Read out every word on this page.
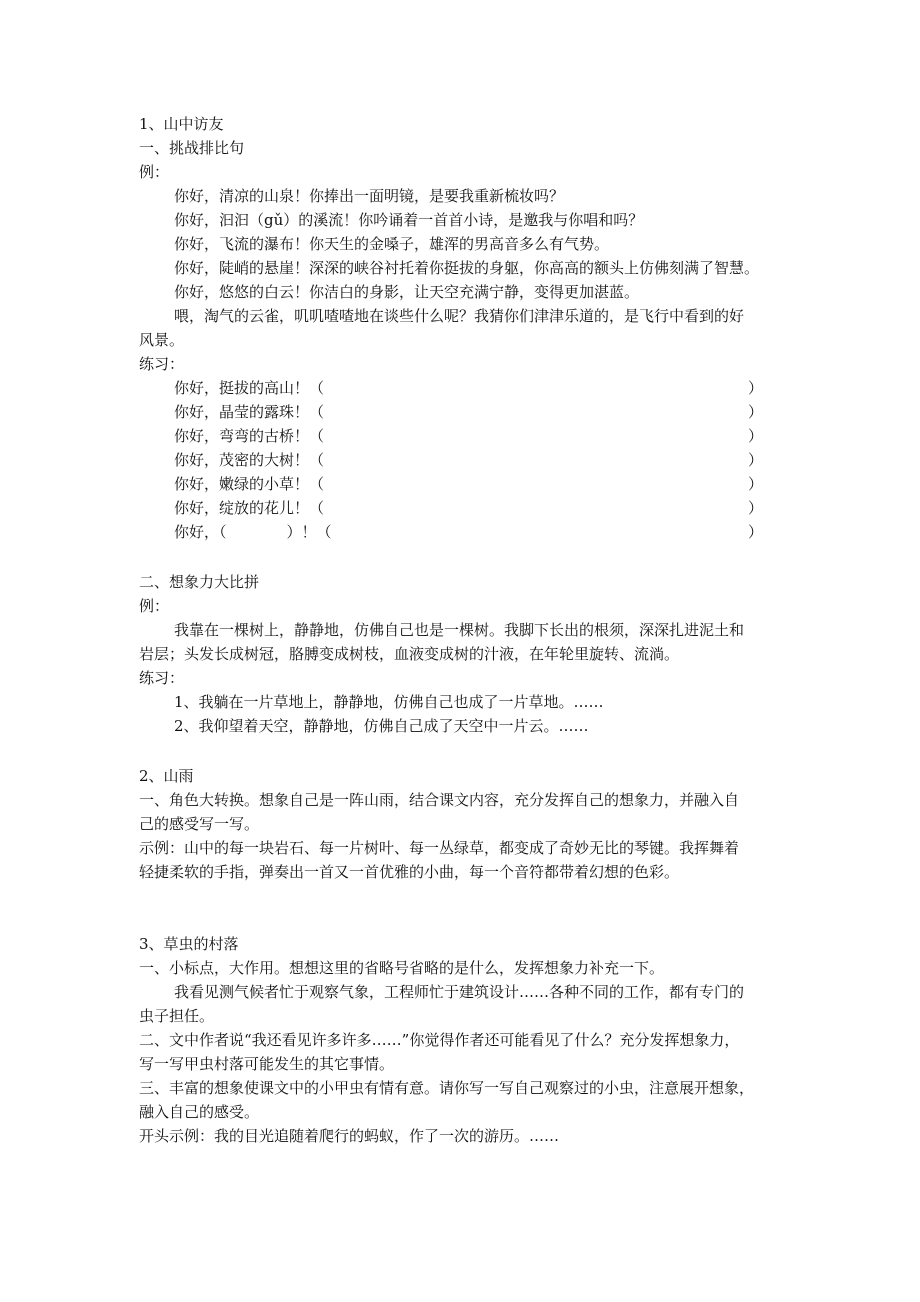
1、山中访友
一、挑战排比句
例：
你好，清凉的山泉！你捧出一面明镜，是要我重新梳妆吗？
你好，汩汩（gǔ）的溪流！你吟诵着一首首小诗，是邀我与你唱和吗？
你好，飞流的瀑布！你天生的金嗓子，雄浑的男高音多么有气势。
你好，陡峭的悬崖！深深的峡谷衬托着你挺拔的身躯，你高高的额头上仿佛刻满了智慧。
你好，悠悠的白云！你洁白的身影，让天空充满宁静，变得更加湛蓝。
喂，淘气的云雀，叽叽喳喳地在谈些什么呢？我猜你们津津乐道的，是飞行中看到的好
风景。
练习：
你好，挺拔的高山！（	）
你好，晶莹的露珠！（	）
你好，弯弯的古桥！（	）
你好，茂密的大树！（	）
你好，嫩绿的小草！（	）
你好，绽放的花儿！（	）
你好，（　　　　）！（	）
二、想象力大比拼
例：
我靠在一棵树上，静静地，仿佛自己也是一棵树。我脚下长出的根须，深深扎进泥土和
岩层；头发长成树冠，胳膊变成树枝，血液变成树的汁液，在年轮里旋转、流淌。
练习：
1、我躺在一片草地上，静静地，仿佛自己也成了一片草地。……
2、我仰望着天空，静静地，仿佛自己成了天空中一片云。……
2、山雨
一、角色大转换。想象自己是一阵山雨，结合课文内容，充分发挥自己的想象力，并融入自
己的感受写一写。
示例：山中的每一块岩石、每一片树叶、每一丛绿草，都变成了奇妙无比的琴键。我挥舞着
轻捷柔软的手指，弹奏出一首又一首优雅的小曲，每一个音符都带着幻想的色彩。
3、草虫的村落
一、小标点，大作用。想想这里的省略号省略的是什么，发挥想象力补充一下。
我看见测气候者忙于观察气象，工程师忙于建筑设计……各种不同的工作，都有专门的
虫子担任。
二、文中作者说“我还看见许多许多……”你觉得作者还可能看见了什么？充分发挥想象力，
写一写甲虫村落可能发生的其它事情。
三、丰富的想象使课文中的小甲虫有情有意。请你写一写自己观察过的小虫，注意展开想象，
融入自己的感受。
开头示例：我的目光追随着爬行的蚂蚁，作了一次的游历。……
